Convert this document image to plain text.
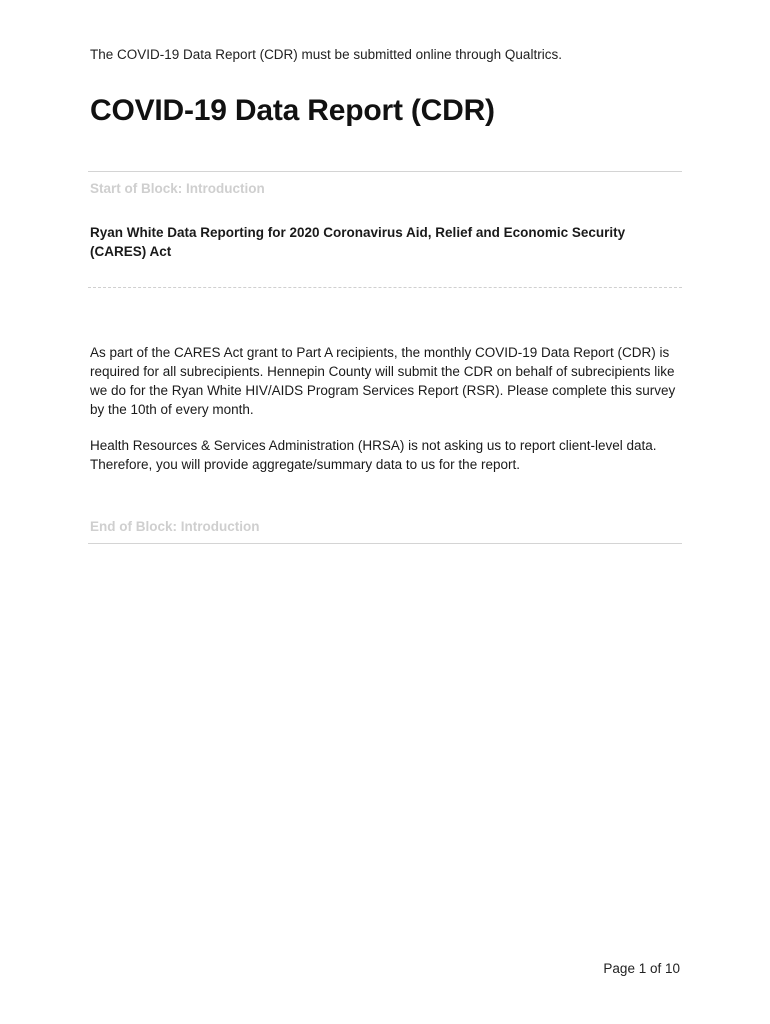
The COVID-19 Data Report (CDR) must be submitted online through Qualtrics.
COVID-19 Data Report (CDR)
Start of Block: Introduction

Ryan White Data Reporting for 2020 Coronavirus Aid, Relief and Economic Security (CARES) Act

As part of the CARES Act grant to Part A recipients, the monthly COVID-19 Data Report (CDR) is required for all subrecipients. Hennepin County will submit the CDR on behalf of subrecipients like we do for the Ryan White HIV/AIDS Program Services Report (RSR). Please complete this survey by the 10th of every month.

Health Resources & Services Administration (HRSA) is not asking us to report client-level data. Therefore, you will provide aggregate/summary data to us for the report.

End of Block: Introduction
Page 1 of 10
